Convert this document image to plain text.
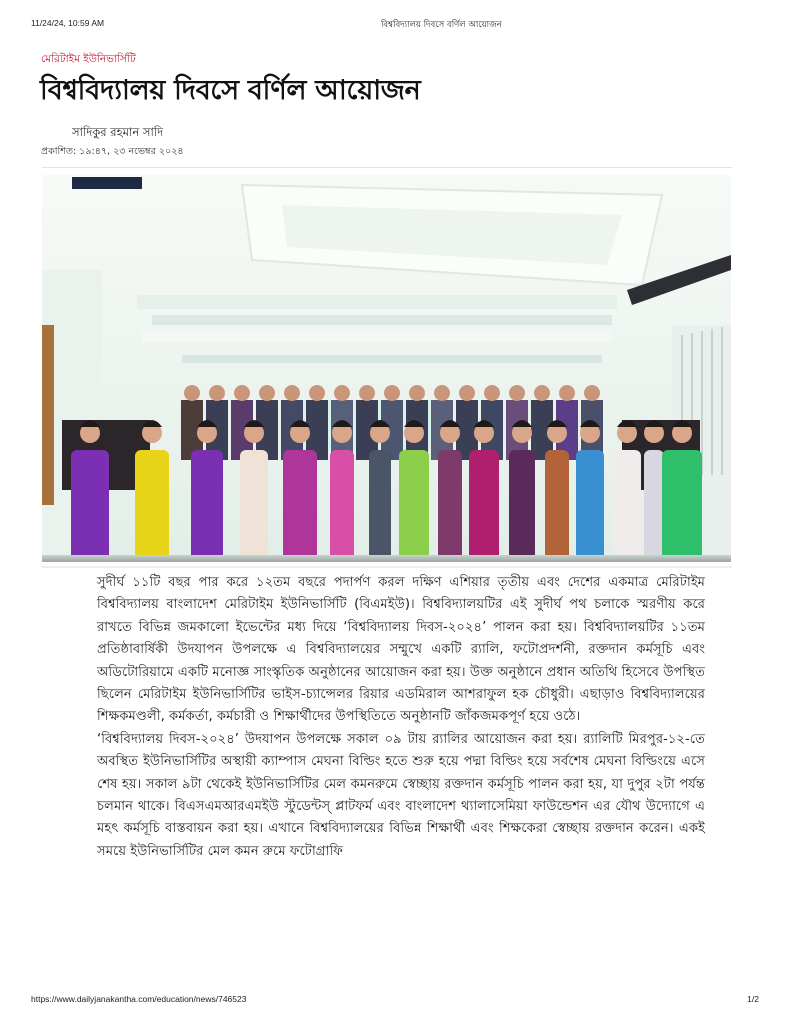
11/24/24, 10:59 AM	বিশ্ববিদ্যালয় দিবসে বর্ণিল আয়োজন
মেরিটাইম ইউনিভার্সিটি
বিশ্ববিদ্যালয় দিবসে বর্ণিল আয়োজন
সাদিকুর রহমান সাদি
প্রকাশিত: ১৯:৪৭, ২৩ নভেম্বর ২০২৪

সুদীর্ঘ ১১টি বছর পার করে ১২তম বছরে পদার্পণ করল দক্ষিণ এশিয়ার তৃতীয় এবং দেশের একমাত্র মেরিটাইম বিশ্ববিদ্যালয় বাংলাদেশ মেরিটাইম ইউনিভার্সিটি (বিএমইউ)। বিশ্ববিদ্যালয়টির এই সুদীর্ঘ পথ চলাকে স্মরণীয় করে রাখতে বিভিন্ন জমকালো ইভেন্টের মধ্য দিয়ে ‘বিশ্ববিদ্যালয় দিবস-২০২৪’ পালন করা হয়। বিশ্ববিদ্যালয়টির ১১তম প্রতিষ্ঠাবার্ষিকী উদযাপন উপলক্ষে এ বিশ্ববিদ্যালয়ের সম্মুখে একটি র‍্যালি, ফটোপ্রদর্শনী, রক্তদান কর্মসূচি এবং অডিটোরিয়ামে একটি মনোজ্ঞ সাংস্কৃতিক অনুষ্ঠানের আয়োজন করা হয়। উক্ত অনুষ্ঠানে প্রধান অতিথি হিসেবে উপস্থিত ছিলেন মেরিটাইম ইউনিভার্সিটির ভাইস-চ্যান্সেলর রিয়ার এডমিরাল আশরাফুল হক চৌধুরী। এছাড়াও বিশ্ববিদ্যালয়ের শিক্ষকমণ্ডলী, কর্মকর্তা, কর্মচারী ও শিক্ষার্থীদের উপস্থিতিতে অনুষ্ঠানটি জাঁকজমকপূর্ণ হয়ে ওঠে।

‘বিশ্ববিদ্যালয় দিবস-২০২৪’ উদযাপন উপলক্ষে সকাল ০৯ টায় র‍্যালির আয়োজন করা হয়। র‍্যালিটি মিরপুর-১২-তে অবস্থিত ইউনিভার্সিটির অস্থায়ী ক্যাম্পাস মেঘনা বিল্ডিং হতে শুরু হয়ে পদ্মা বিল্ডিং হয়ে সর্বশেষ মেঘনা বিল্ডিংয়ে এসে শেষ হয়। সকাল ৯টা থেকেই ইউনিভার্সিটির মেল কমনরুমে স্বেচ্ছায় রক্তদান কর্মসূচি পালন করা হয়, যা দুপুর ২টা পর্যন্ত চলমান থাকে। বিএসএমআরএমইউ স্টুডেন্টস্ প্লাটফর্ম এবং বাংলাদেশ থ্যালাসেমিয়া ফাউন্ডেশন এর যৌথ উদ্যোগে এ মহৎ কর্মসূচি বাস্তবায়ন করা হয়। এখানে বিশ্ববিদ্যালয়ের বিভিন্ন শিক্ষার্থী এবং শিক্ষকেরা স্বেচ্ছায় রক্তদান করেন। একই সময়ে ইউনিভার্সিটির মেল কমন রুমে ফটোগ্রাফি

https://www.dailyjanakantha.com/education/news/746523	1/2
